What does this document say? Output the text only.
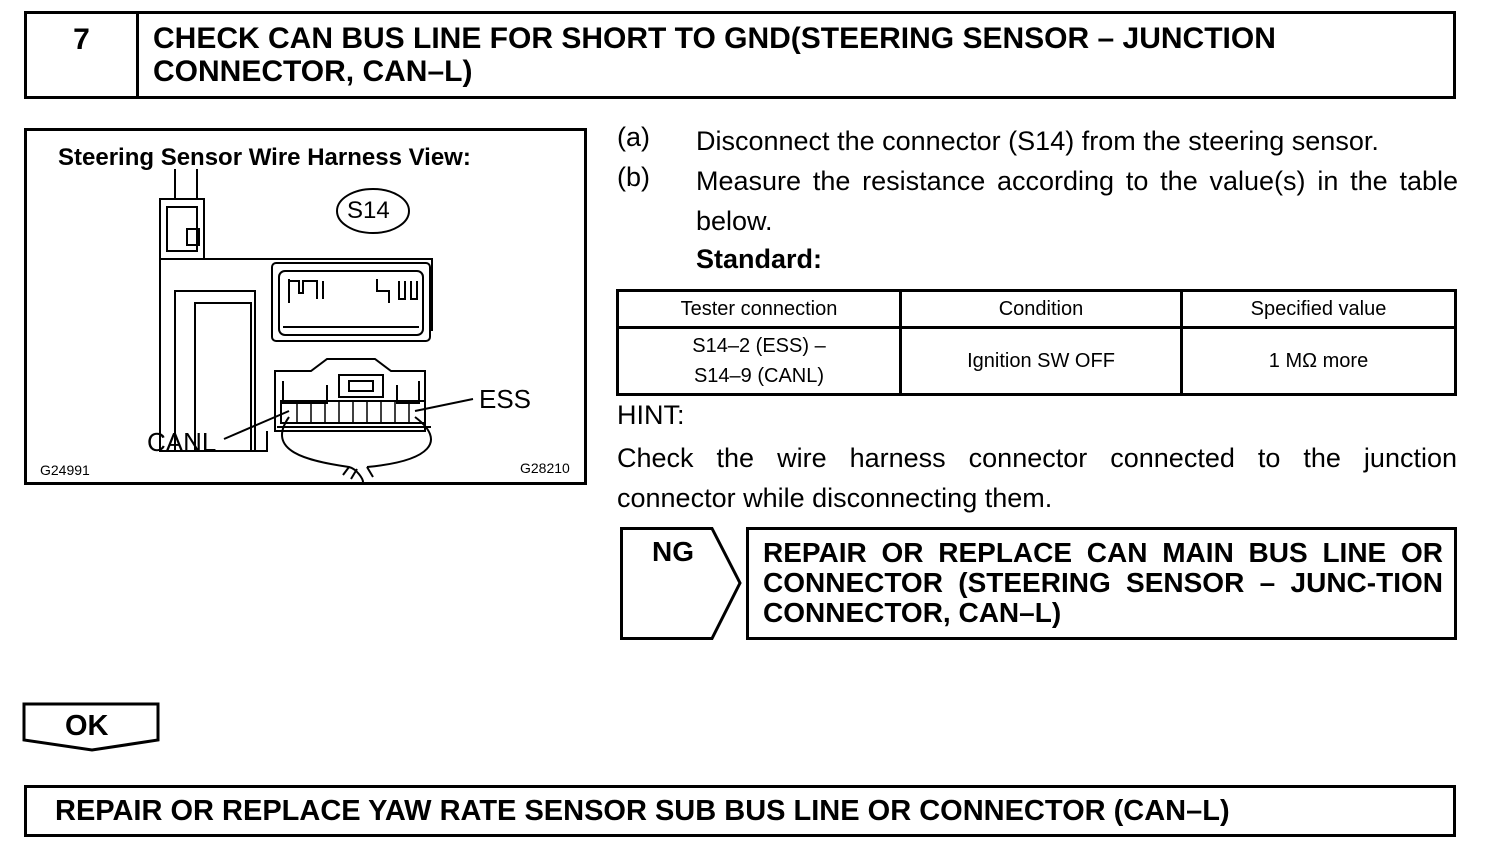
7	CHECK CAN BUS LINE FOR SHORT TO GND(STEERING SENSOR – JUNCTION CONNECTOR, CAN–L)
Steering Sensor Wire Harness View:
S14
ESS
CANL
G24991	G28210
(a) Disconnect the connector (S14) from the steering sensor.
(b) Measure the resistance according to the value(s) in the table below.
Standard:
Tester connection	Condition	Specified value

S14–2 (ESS) –
S14–9 (CANL)	Ignition SW OFF	1 MΩ more
HINT:
Check the wire harness connector connected to the junction connector while disconnecting them.
NG REPAIR OR REPLACE CAN MAIN BUS LINE OR CONNECTOR (STEERING SENSOR – JUNC-TION CONNECTOR, CAN–L)
OK
REPAIR OR REPLACE YAW RATE SENSOR SUB BUS LINE OR CONNECTOR (CAN–L)
